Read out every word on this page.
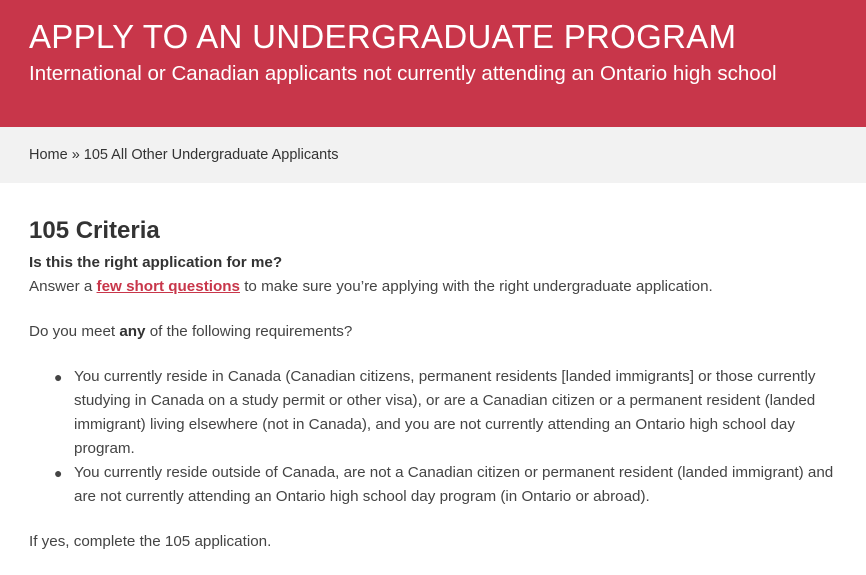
APPLY TO AN UNDERGRADUATE PROGRAM

International or Canadian applicants not currently attending an Ontario high school

Home » 105 All Other Undergraduate Applicants
105 Criteria

Is this the right application for me?

Answer a few short questions to make sure you’re applying with the right undergraduate application.

Do you meet any of the following requirements?

● You currently reside in Canada (Canadian citizens, permanent residents [landed immigrants] or those currently studying in Canada on a study permit or other visa), or are a Canadian citizen or a permanent resident (landed immigrant) living elsewhere (not in Canada), and you are not currently attending an Ontario high school day program.
● You currently reside outside of Canada, are not a Canadian citizen or permanent resident (landed immigrant) and are not currently attending an Ontario high school day program (in Ontario or abroad).

If yes, complete the 105 application.
